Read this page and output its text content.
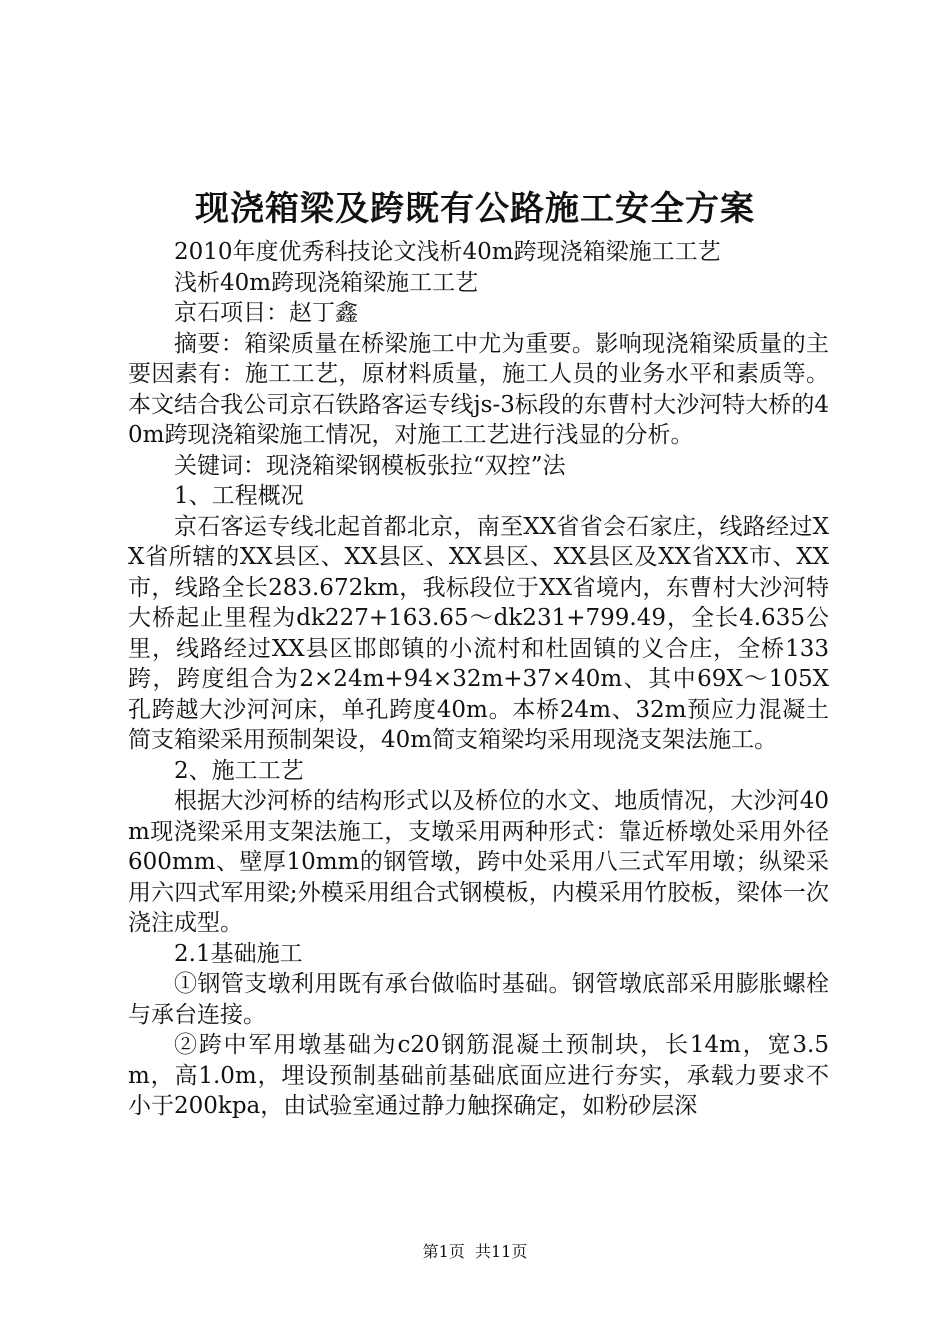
现浇箱梁及跨既有公路施工安全方案

2010年度优秀科技论文浅析40m跨现浇箱梁施工工艺

浅析40m跨现浇箱梁施工工艺

京石项目：赵丁鑫

摘要：箱梁质量在桥梁施工中尤为重要。影响现浇箱梁质量的主要因素有：施工工艺，原材料质量，施工人员的业务水平和素质等。本文结合我公司京石铁路客运专线js-3标段的东曹村大沙河特大桥的40m跨现浇箱梁施工情况，对施工工艺进行浅显的分析。

关键词：现浇箱梁钢模板张拉“双控”法

1、工程概况

京石客运专线北起首都北京，南至XX省省会石家庄，线路经过XX省所辖的XX县区、XX县区、XX县区、XX县区及XX省XX市、XX市，线路全长283.672km，我标段位于XX省境内，东曹村大沙河特大桥起止里程为dk227+163.65～dk231+799.49，全长4.635公里，线路经过XX县区邯郎镇的小流村和杜固镇的义合庄，全桥133跨，跨度组合为2×24m+94×32m+37×40m、其中69X～105X孔跨越大沙河河床，单孔跨度40m。本桥24m、32m预应力混凝土简支箱梁采用预制架设，40m简支箱梁均采用现浇支架法施工。

2、施工工艺

根据大沙河桥的结构形式以及桥位的水文、地质情况，大沙河40m现浇梁采用支架法施工，支墩采用两种形式：靠近桥墩处采用外径600mm、壁厚10mm的钢管墩，跨中处采用八三式军用墩；纵梁采用六四式军用梁;外模采用组合式钢模板，内模采用竹胶板，梁体一次浇注成型。

2.1基础施工

①钢管支墩利用既有承台做临时基础。钢管墩底部采用膨胀螺栓与承台连接。

②跨中军用墩基础为c20钢筋混凝土预制块，长14m，宽3.5m，高1.0m，埋设预制基础前基础底面应进行夯实，承载力要求不小于200kpa，由试验室通过静力触探确定，如粉砂层深

第1页  共11页
